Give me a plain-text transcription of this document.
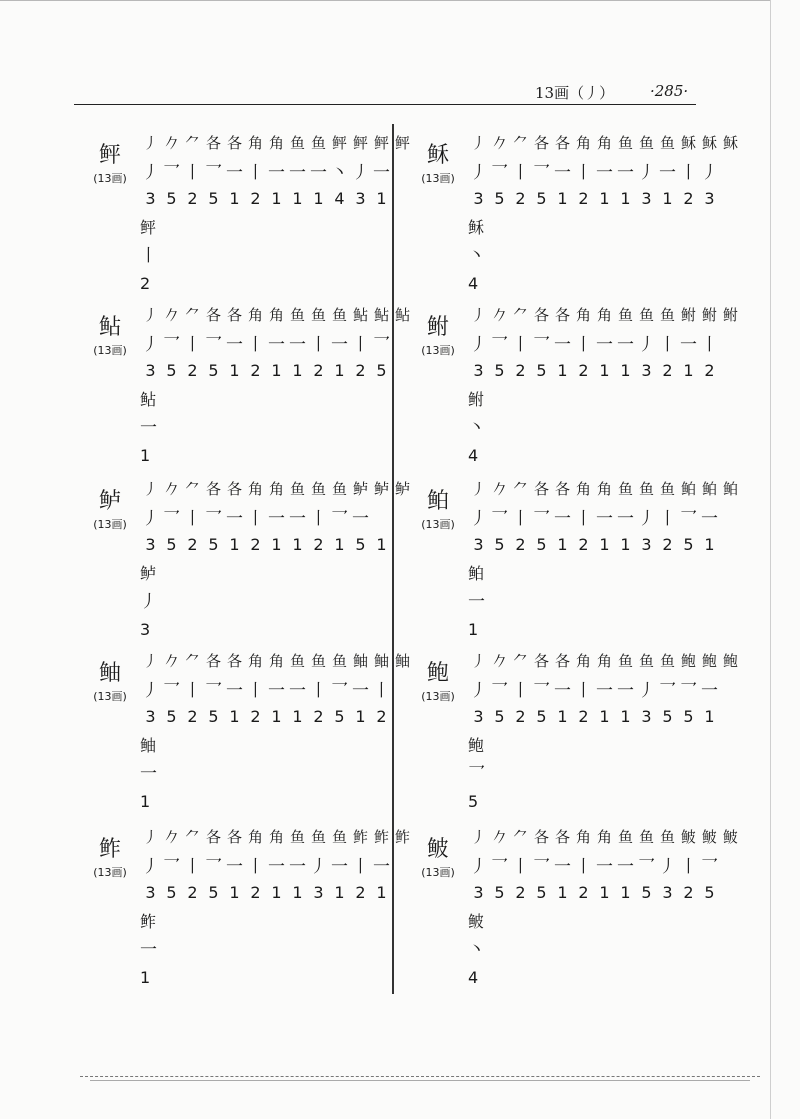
13画（丿） ·285·
鲆
(13画)
丿 𠂊 ⺈ 各 各 角 角 鱼 鱼 鲆 鲆 鲆 鲆
丿 乛 丨 乛 一 丨 一 一 一 丶 丿 一
3 5 2 5 1 2 1 1 1 4 3 1
鲆
丨
2
鲇
(13画)
丿 𠂊 ⺈ 各 各 角 角 鱼 鱼 鱼 鲇 鲇 鲇
丿 乛 丨 乛 一 丨 一 一 丨 一 丨 乛
3 5 2 5 1 2 1 1 2 1 2 5
鲇
一
1
鲈
(13画)
丿 𠂊 ⺈ 各 各 角 角 鱼 鱼 鱼 鲈 鲈 鲈
丿 乛 丨 乛 一 丨 一 一 丨 乛 一
3 5 2 5 1 2 1 1 2 1 5 1
鲈
丿
3
鲉
(13画)
丿 𠂊 ⺈ 各 各 角 角 鱼 鱼 鱼 鲉 鲉 鲉
丿 乛 丨 乛 一 丨 一 一 丨 乛 一 丨
3 5 2 5 1 2 1 1 2 5 1 2
鲉
一
1
鲊
(13画)
丿 𠂊 ⺈ 各 各 角 角 鱼 鱼 鱼 鲊 鲊 鲊
丿 乛 丨 乛 一 丨 一 一 丿 一 丨 一
3 5 2 5 1 2 1 1 3 1 2 1
鲊
一
1
稣
(13画)
丿 𠂊 ⺈ 各 各 角 角 鱼 鱼 鱼 稣 稣 稣
丿 乛 丨 乛 一 丨 一 一 丿 一 丨 丿
3 5 2 5 1 2 1 1 3 1 2 3
稣
丶
4
鲋
(13画)
丿 𠂊 ⺈ 各 各 角 角 鱼 鱼 鱼 鲋 鲋 鲋
丿 乛 丨 乛 一 丨 一 一 丿 丨 一 丨
3 5 2 5 1 2 1 1 3 2 1 2
鲋
丶
4
鲌
(13画)
丿 𠂊 ⺈ 各 各 角 角 鱼 鱼 鱼 鲌 鲌 鲌
丿 乛 丨 乛 一 丨 一 一 丿 丨 乛 一
3 5 2 5 1 2 1 1 3 2 5 1
鲌
一
1
鲍
(13画)
丿 𠂊 ⺈ 各 各 角 角 鱼 鱼 鱼 鲍 鲍 鲍
丿 乛 丨 乛 一 丨 一 一 丿 乛 乛 一
3 5 2 5 1 2 1 1 3 5 5 1
鲍
乛
5
鲏
(13画)
丿 𠂊 ⺈ 各 各 角 角 鱼 鱼 鱼 鲏 鲏 鲏
丿 乛 丨 乛 一 丨 一 一 乛 丿 丨 乛
3 5 2 5 1 2 1 1 5 3 2 5
鲏
丶
4
